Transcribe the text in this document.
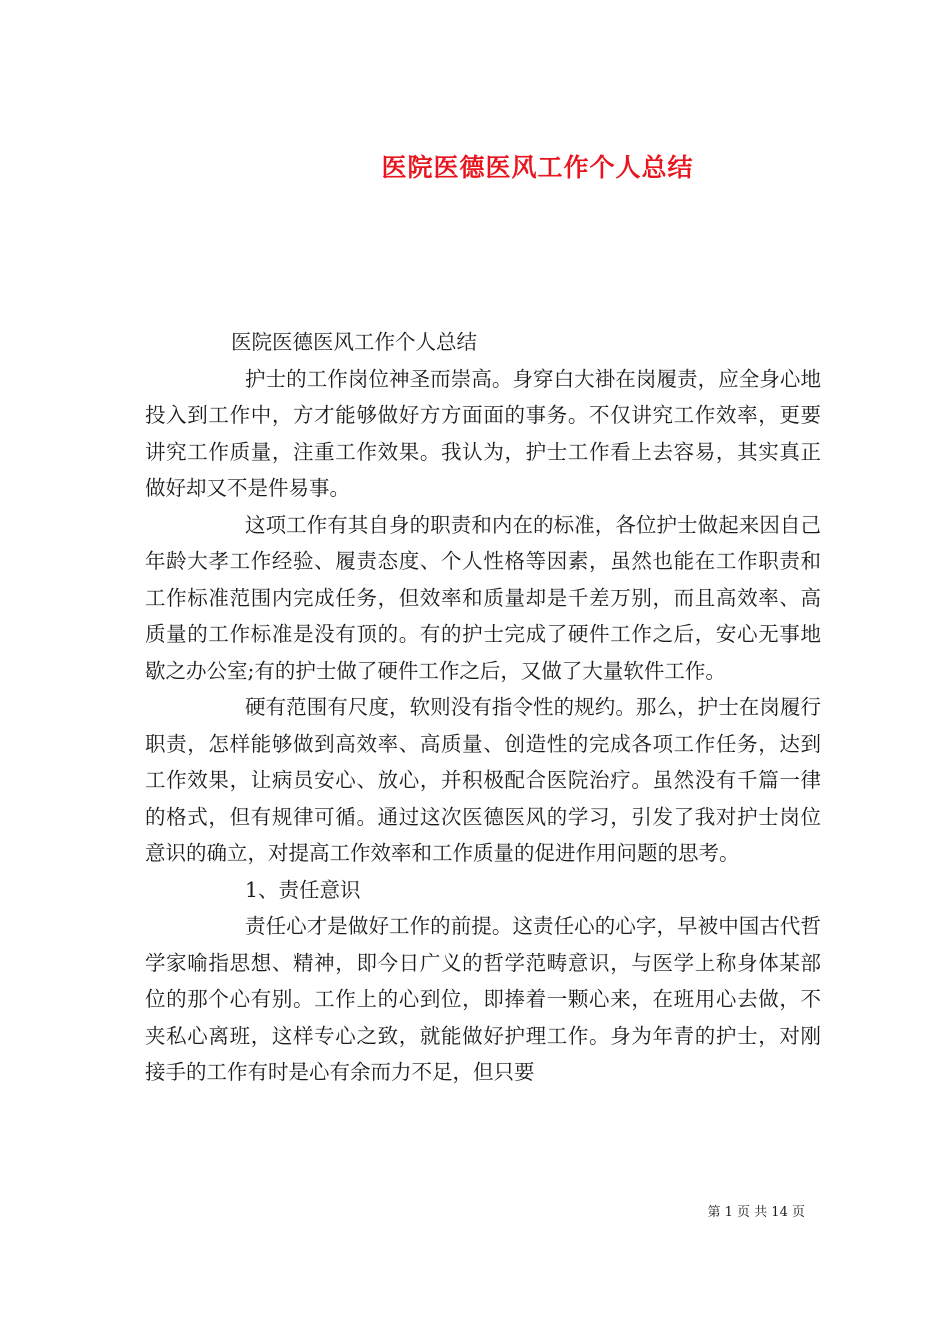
医院医德医风工作个人总结

医院医德医风工作个人总结

护士的工作岗位神圣而崇高。身穿白大褂在岗履责，应全身心地投入到工作中，方才能够做好方方面面的事务。不仅讲究工作效率，更要讲究工作质量，注重工作效果。我认为，护士工作看上去容易，其实真正做好却又不是件易事。

这项工作有其自身的职责和内在的标准，各位护士做起来因自己年龄大孝工作经验、履责态度、个人性格等因素，虽然也能在工作职责和工作标准范围内完成任务，但效率和质量却是千差万别，而且高效率、高质量的工作标准是没有顶的。有的护士完成了硬件工作之后，安心无事地歇之办公室;有的护士做了硬件工作之后，又做了大量软件工作。

硬有范围有尺度，软则没有指令性的规约。那么，护士在岗履行职责，怎样能够做到高效率、高质量、创造性的完成各项工作任务，达到工作效果，让病员安心、放心，并积极配合医院治疗。虽然没有千篇一律的格式，但有规律可循。通过这次医德医风的学习，引发了我对护士岗位意识的确立，对提高工作效率和工作质量的促进作用问题的思考。

1、责任意识

责任心才是做好工作的前提。这责任心的心字，早被中国古代哲学家喻指思想、精神，即今日广义的哲学范畴意识，与医学上称身体某部位的那个心有别。工作上的心到位，即捧着一颗心来，在班用心去做，不夹私心离班，这样专心之致，就能做好护理工作。身为年青的护士，对刚接手的工作有时是心有余而力不足，但只要

第 1 页 共 14 页
